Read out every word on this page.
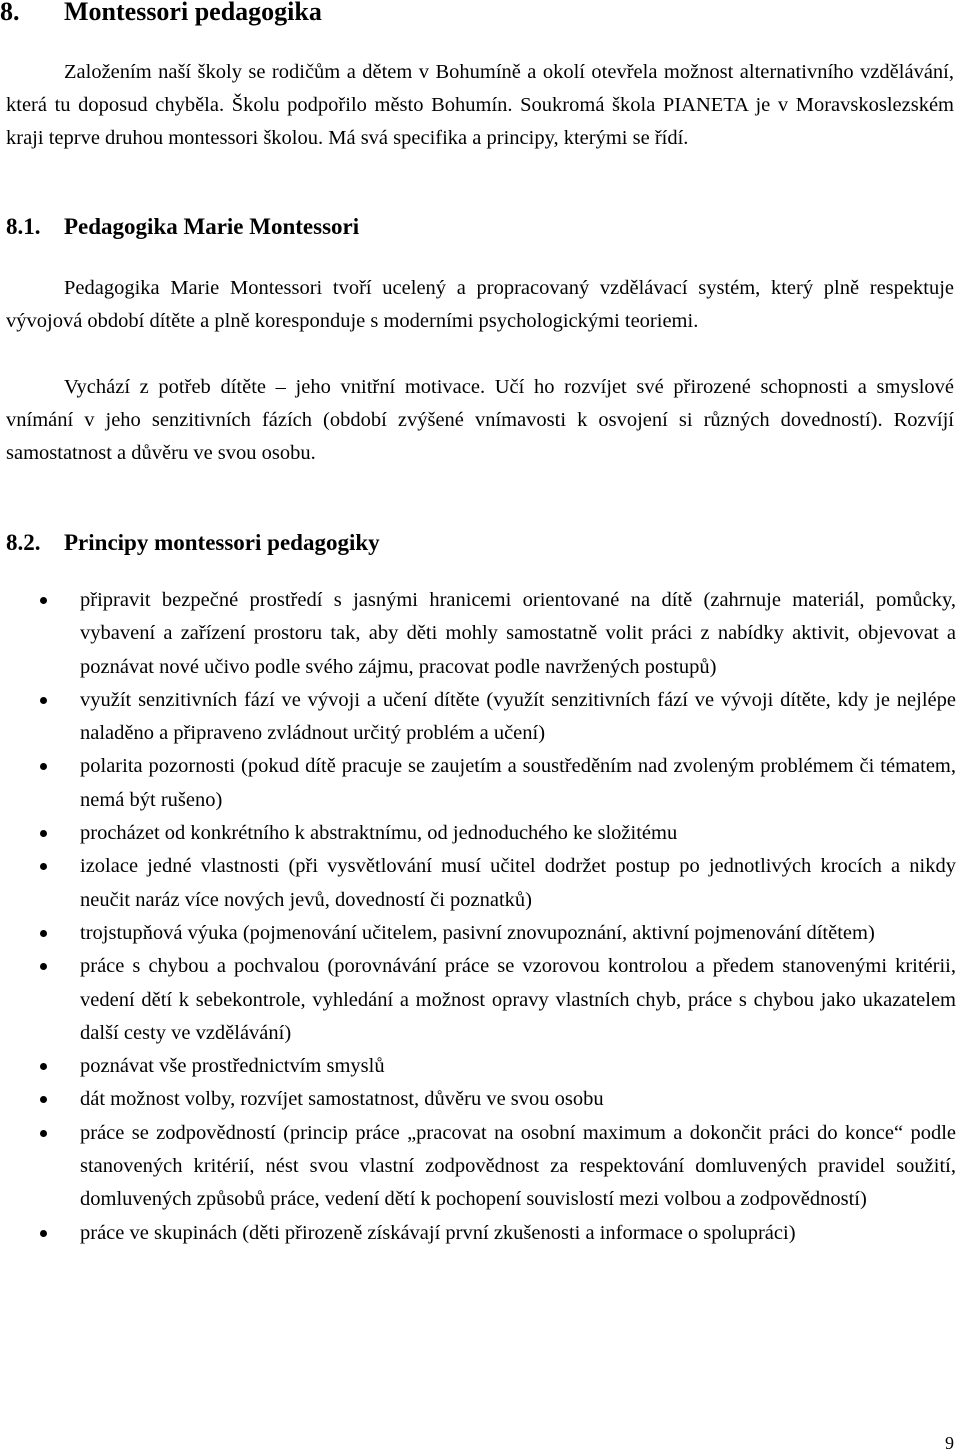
8. Montessori pedagogika

Založením naší školy se rodičům a dětem v Bohumíně a okolí otevřela možnost alternativního vzdělávání, která tu doposud chyběla. Školu podpořilo město Bohumín. Soukromá škola PIANETA je v Moravskoslezském kraji teprve druhou montessori školou. Má svá specifika a principy, kterými se řídí.

8.1. Pedagogika Marie Montessori

Pedagogika Marie Montessori tvoří ucelený a propracovaný vzdělávací systém, který plně respektuje vývojová období dítěte a plně koresponduje s moderními psychologickými teoriemi.

Vychází z potřeb dítěte – jeho vnitřní motivace. Učí ho rozvíjet své přirozené schopnosti a smyslové vnímání v jeho senzitivních fázích (období zvýšené vnímavosti k osvojení si různých dovedností). Rozvíjí samostatnost a důvěru ve svou osobu.

8.2. Principy montessori pedagogiky
připravit bezpečné prostředí s jasnými hranicemi orientované na dítě (zahrnuje materiál, pomůcky, vybavení a zařízení prostoru tak, aby děti mohly samostatně volit práci z nabídky aktivit, objevovat a poznávat nové učivo podle svého zájmu, pracovat podle navržených postupů)
využít senzitivních fází ve vývoji a učení dítěte (využít senzitivních fází ve vývoji dítěte, kdy je nejlépe naladěno a připraveno zvládnout určitý problém a učení)
polarita pozornosti (pokud dítě pracuje se zaujetím a soustředěním nad zvoleným problémem či tématem, nemá být rušeno)
procházet od konkrétního k abstraktnímu, od jednoduchého ke složitému
izolace jedné vlastnosti (při vysvětlování musí učitel dodržet postup po jednotlivých krocích a nikdy neučit naráz více nových jevů, dovedností či poznatků)
trojstupňová výuka (pojmenování učitelem, pasivní znovupoznání, aktivní pojmenování dítětem)
práce s chybou a pochvalou (porovnávání práce se vzorovou kontrolou a předem stanovenými kritérii, vedení dětí k sebekontrole, vyhledání a možnost opravy vlastních chyb, práce s chybou jako ukazatelem další cesty ve vzdělávání)
poznávat vše prostřednictvím smyslů
dát možnost volby, rozvíjet samostatnost, důvěru ve svou osobu
práce se zodpovědností (princip práce „pracovat na osobní maximum a dokončit práci do konce“ podle stanovených kritérií, nést svou vlastní zodpovědnost za respektování domluvených pravidel soužití, domluvených způsobů práce, vedení dětí k pochopení souvislostí mezi volbou a zodpovědností)
práce ve skupinách (děti přirozeně získávají první zkušenosti a informace o spolupráci)
9
